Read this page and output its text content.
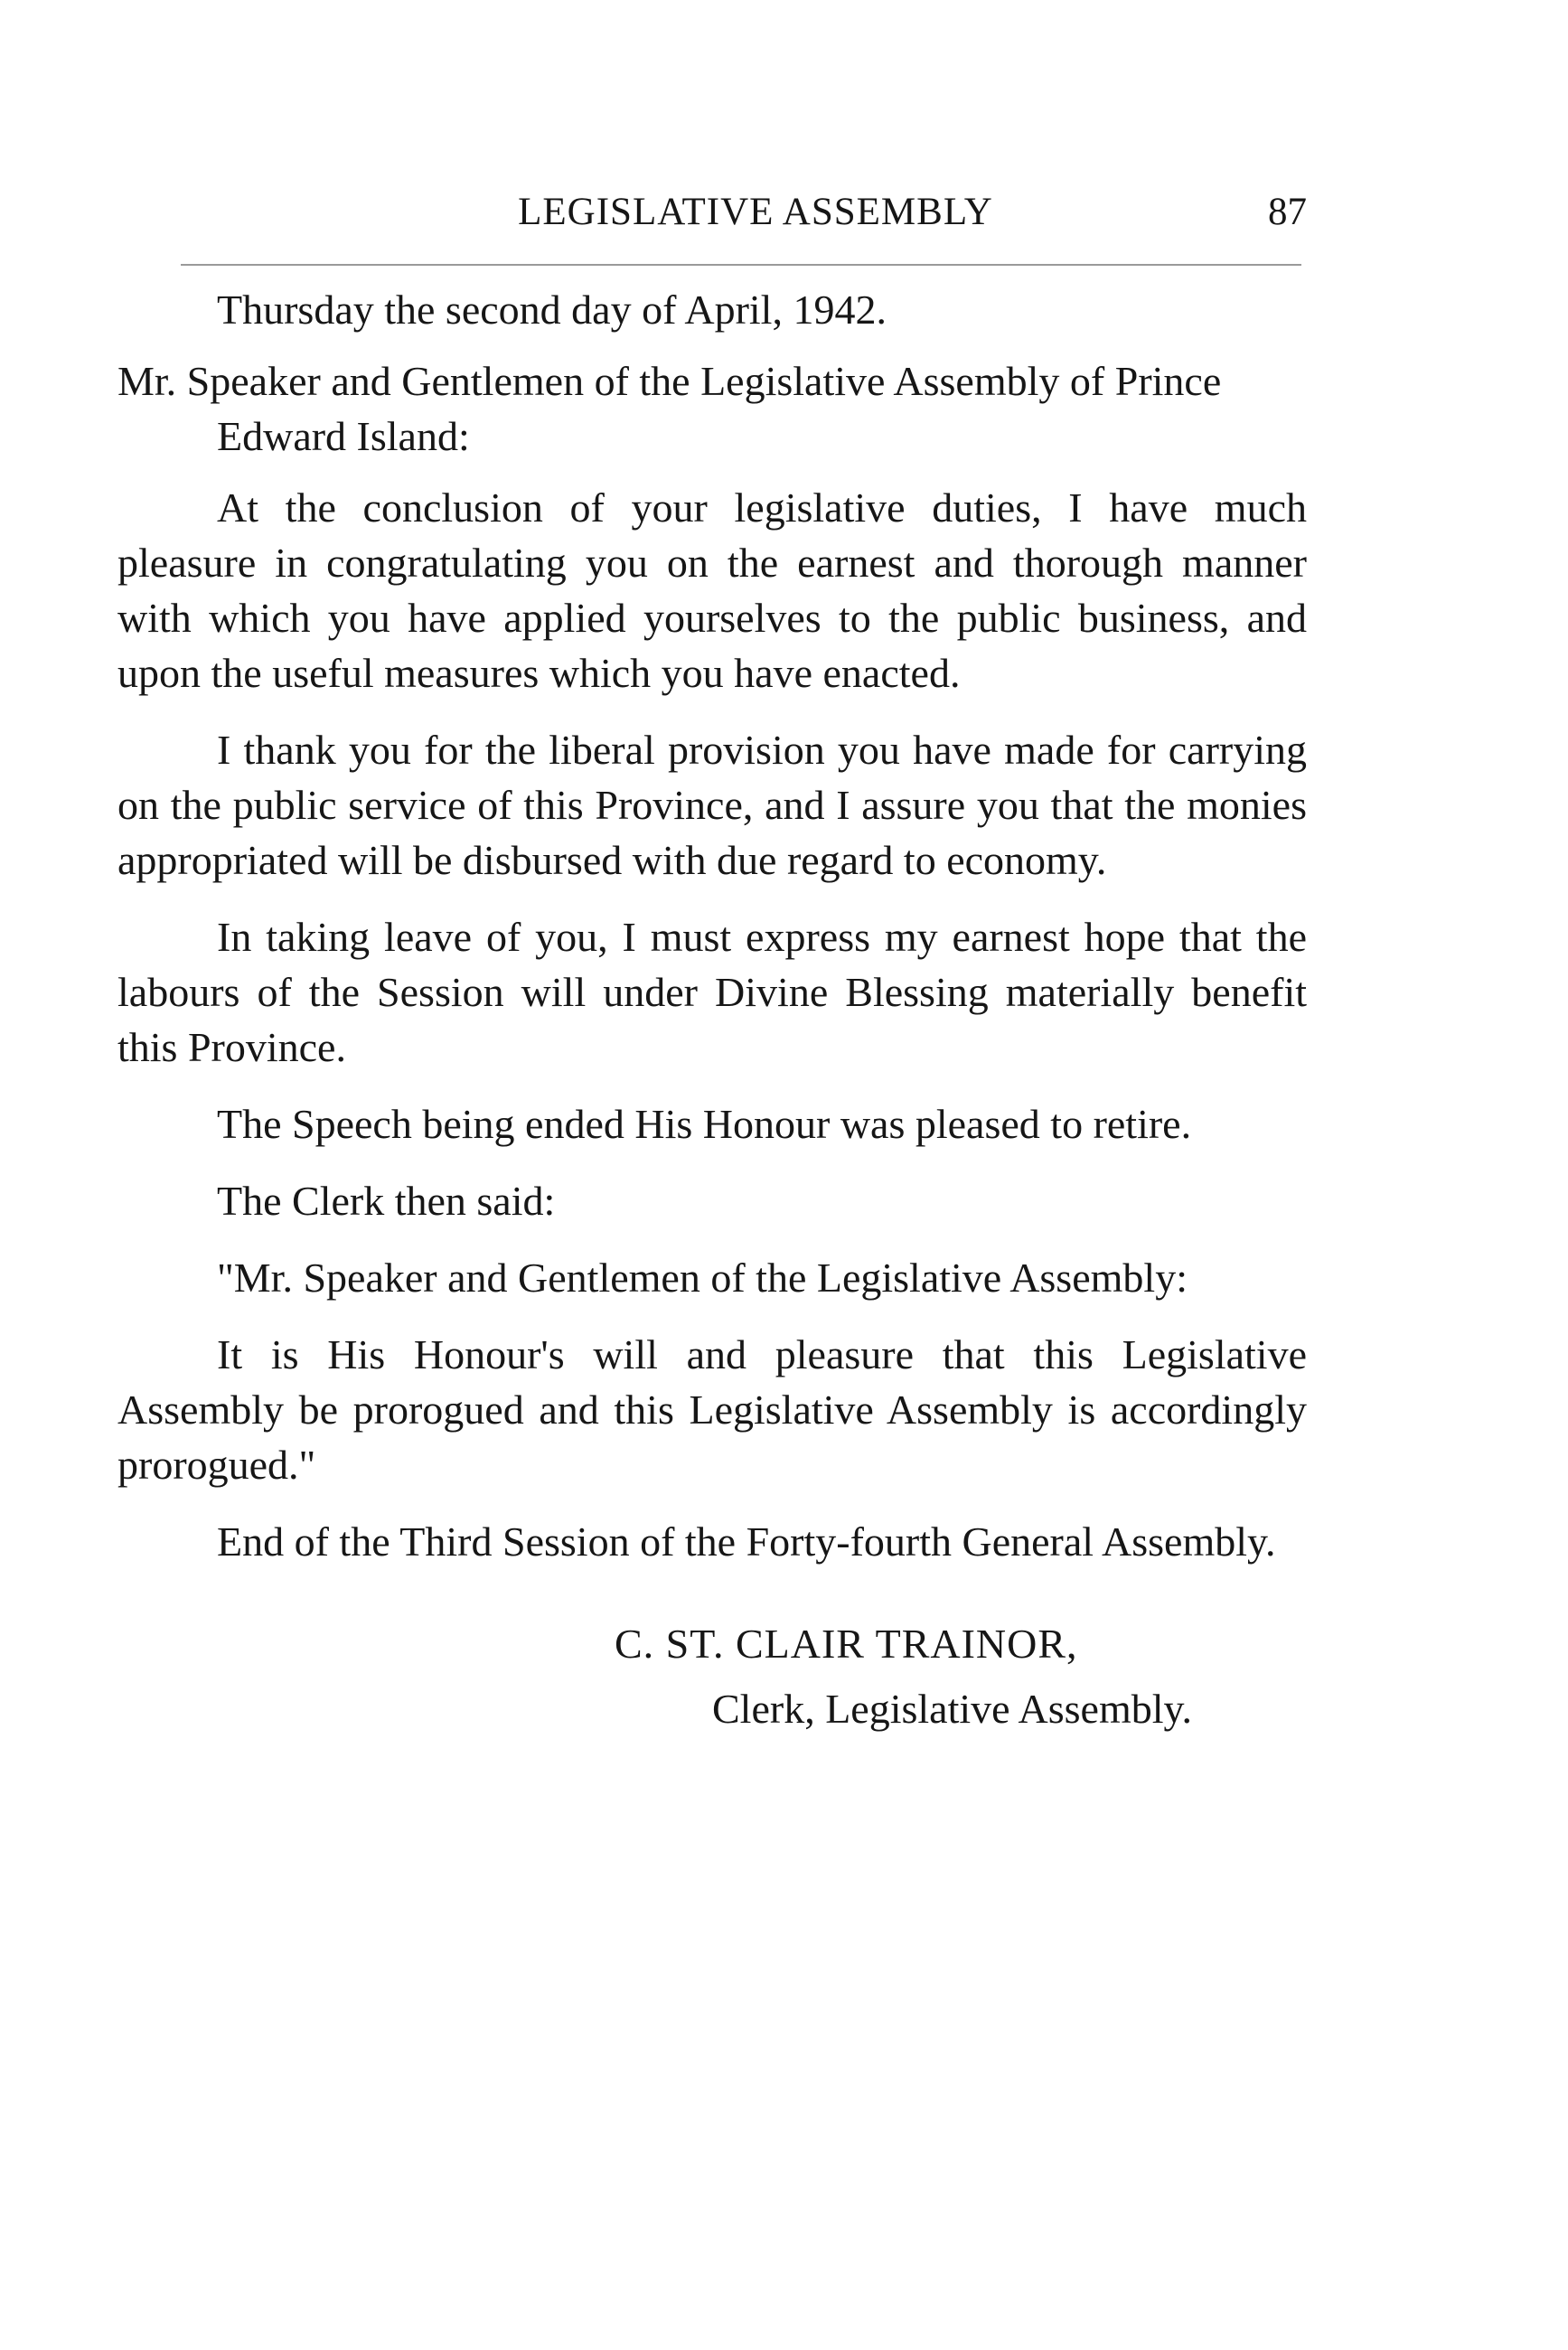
LEGISLATIVE ASSEMBLY	87

Thursday the second day of April, 1942.

Mr. Speaker and Gentlemen of the Legislative Assembly of Prince Edward Island:

At the conclusion of your legislative duties, I have much pleasure in congratulating you on the earnest and thorough manner with which you have applied yourselves to the public business, and upon the useful measures which you have enacted.

I thank you for the liberal provision you have made for carrying on the public service of this Province, and I assure you that the monies appropriated will be disbursed with due regard to economy.

In taking leave of you, I must express my earnest hope that the labours of the Session will under Divine Blessing materially benefit this Province.

The Speech being ended His Honour was pleased to retire.

The Clerk then said:

"Mr. Speaker and Gentlemen of the Legislative Assembly:

It is His Honour's will and pleasure that this Legislative Assembly be prorogued and this Legislative Assembly is accordingly prorogued."

End of the Third Session of the Forty-fourth General Assembly.

C. ST. CLAIR TRAINOR,
Clerk, Legislative Assembly.
